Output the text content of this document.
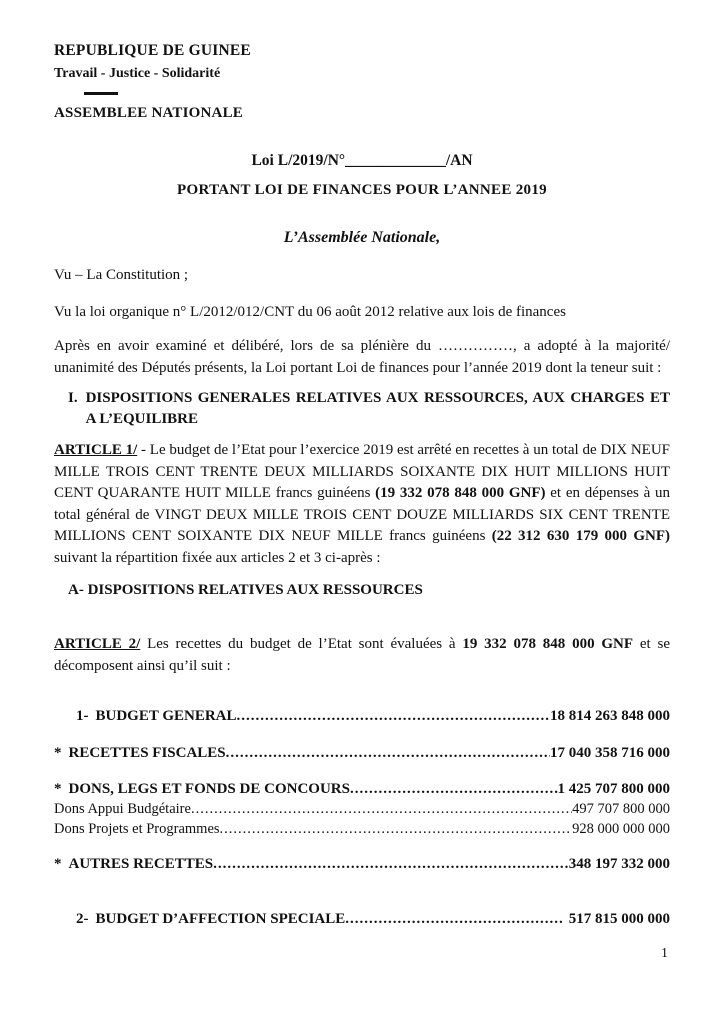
REPUBLIQUE DE GUINEE
Travail - Justice - Solidarité
ASSEMBLEE NATIONALE
Loi L/2019/N°_____________/AN
PORTANT LOI DE FINANCES POUR L’ANNEE 2019
L’Assemblée Nationale,

Vu – La Constitution ;

Vu la loi organique n° L/2012/012/CNT du 06 août 2012 relative aux lois de finances

Après en avoir examiné et délibéré, lors de sa plénière du ……………, a adopté à la majorité/ unanimité des Députés présents, la Loi portant Loi de finances pour l’année 2019 dont la teneur suit :

I. DISPOSITIONS GENERALES RELATIVES AUX RESSOURCES, AUX CHARGES ET A L’EQUILIBRE

ARTICLE 1/ - Le budget de l’Etat pour l’exercice 2019 est arrêté en recettes à un total de DIX NEUF MILLE TROIS CENT TRENTE DEUX MILLIARDS SOIXANTE DIX HUIT MILLIONS HUIT CENT QUARANTE HUIT MILLE francs guinéens (19 332 078 848 000 GNF) et en dépenses à un total général de VINGT DEUX MILLE TROIS CENT DOUZE MILLIARDS SIX CENT TRENTE MILLIONS CENT SOIXANTE DIX NEUF MILLE francs guinéens (22 312 630 179 000 GNF) suivant la répartition fixée aux articles 2 et 3 ci-après :

A- DISPOSITIONS RELATIVES AUX RESSOURCES

ARTICLE 2/ Les recettes du budget de l’Etat sont évaluées à 19 332 078 848 000 GNF et se décomposent ainsi qu’il suit :

1- BUDGET GENERAL .....	18 814 263 848 000
* RECETTES FISCALES .....	17 040 358 716 000
* DONS, LEGS ET FONDS DE CONCOURS .....	1 425 707 800 000
Dons Appui Budgétaire .....	497 707 800 000
Dons Projets et Programmes .....	928 000 000 000
* AUTRES RECETTES .....	348 197 332 000
2- BUDGET D’AFFECTION SPECIALE .....	517 815 000 000
1
